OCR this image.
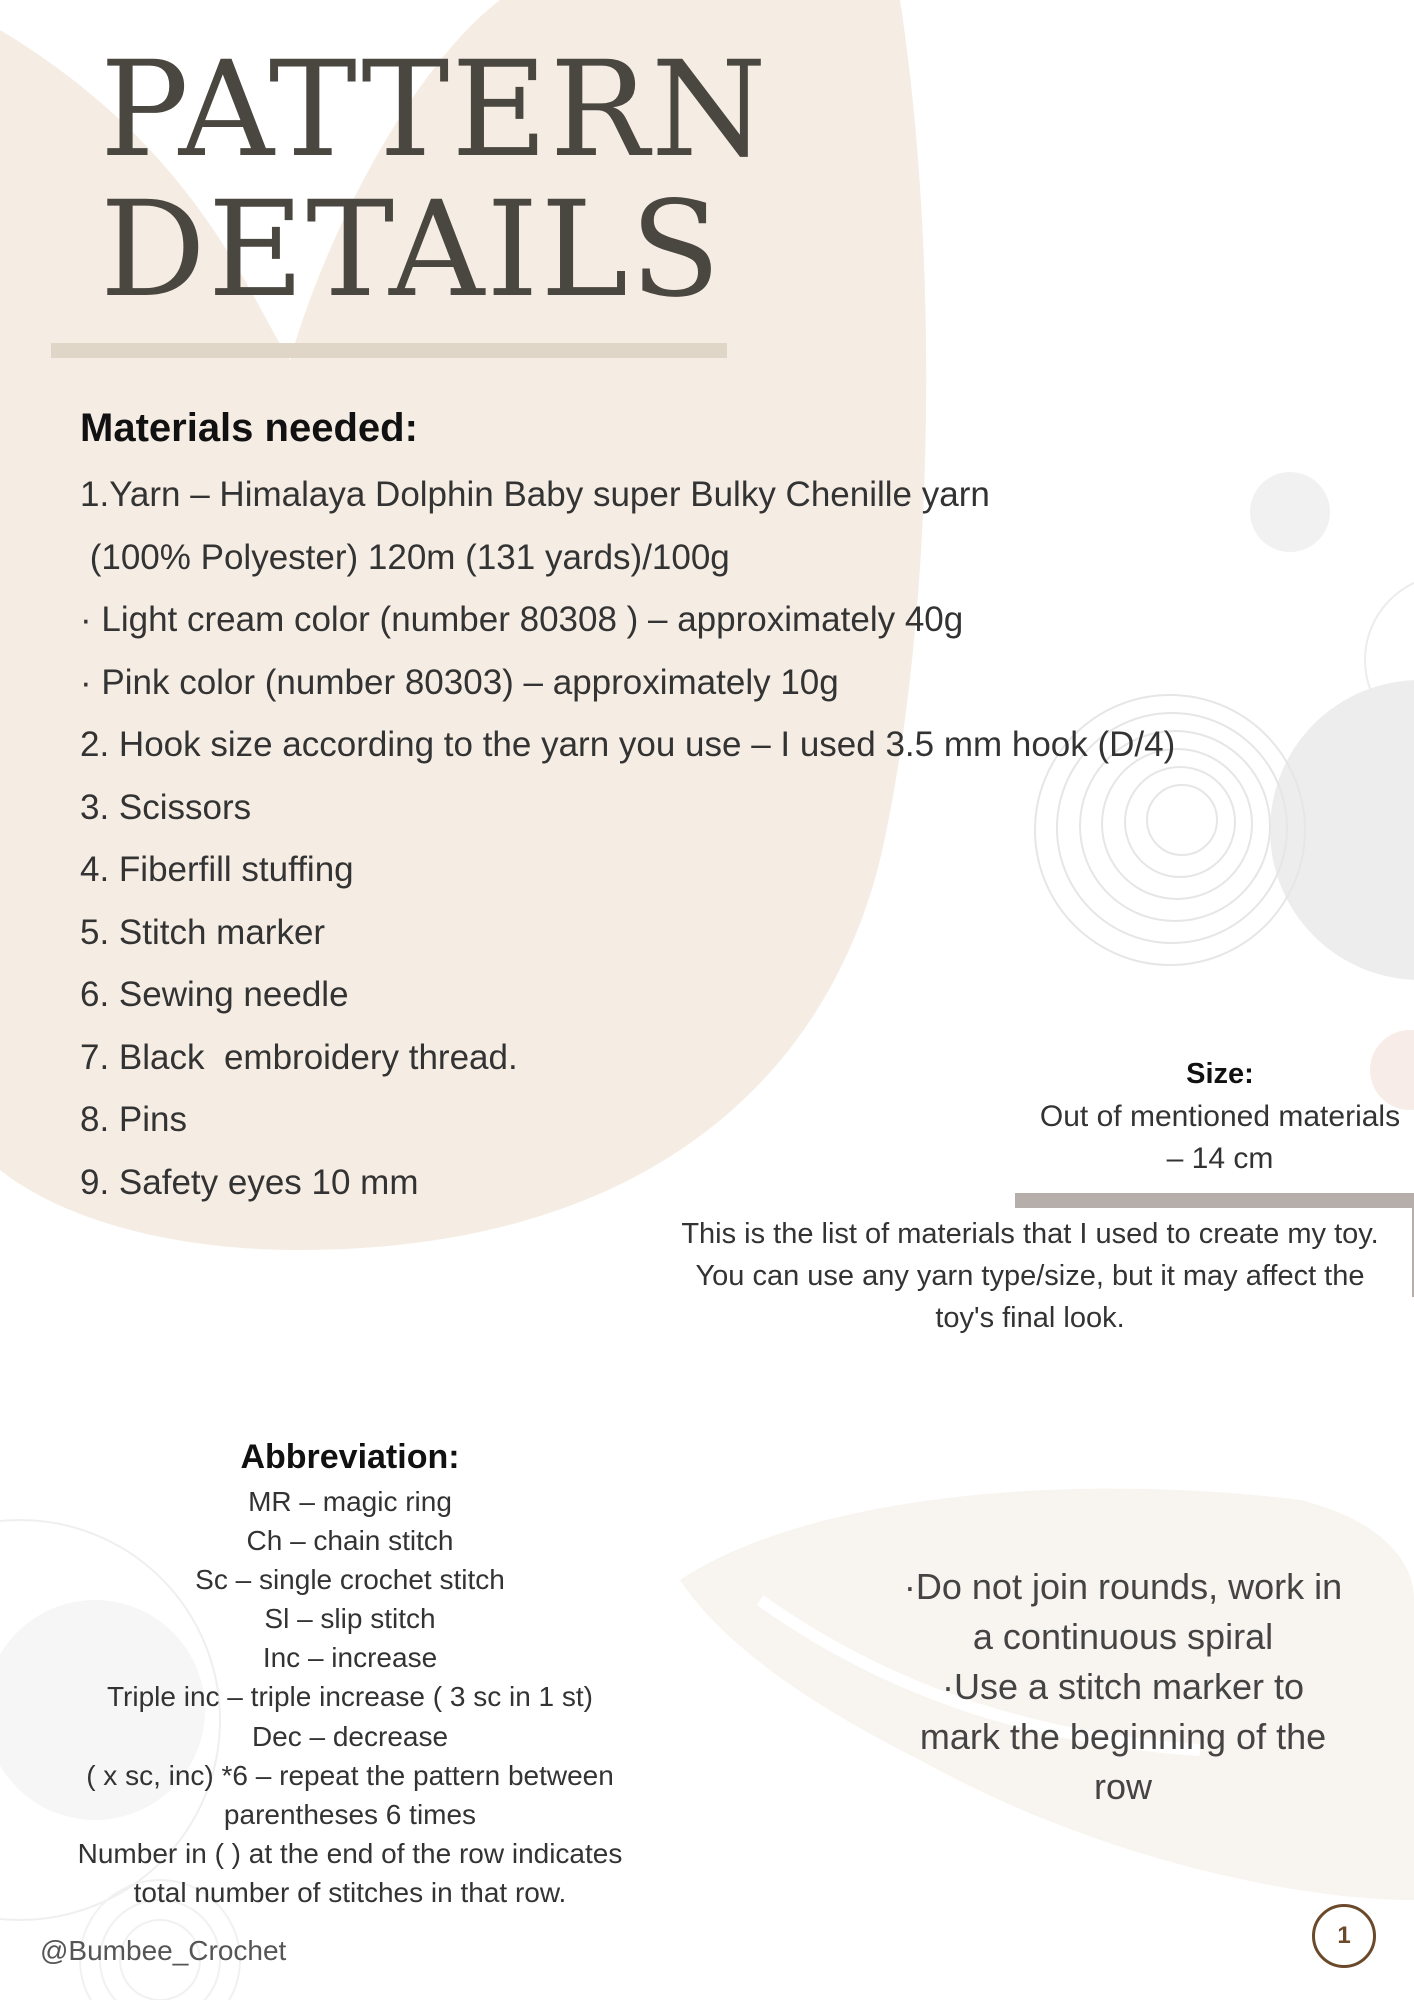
PATTERN
DETAILS
Materials needed:
1.Yarn – Himalaya Dolphin Baby super Bulky Chenille yarn
(100% Polyester) 120m (131 yards)/100g
· Light cream color (number 80308 ) – approximately 40g
· Pink color (number 80303) – approximately 10g
2. Hook size according to the yarn you use – I used 3.5 mm hook (D/4)
3. Scissors
4. Fiberfill stuffing
5. Stitch marker
6. Sewing needle
7. Black  embroidery thread.
8. Pins
9. Safety eyes 10 mm
Size:
Out of mentioned materials
– 14 cm
This is the list of materials that I used to create my toy.
You can use any yarn type/size, but it may affect the
toy's final look.
Abbreviation:
MR – magic ring
Ch – chain stitch
Sc – single crochet stitch
Sl – slip stitch
Inc – increase
Triple inc – triple increase ( 3 sc in 1 st)
Dec – decrease
( x sc, inc) *6 – repeat the pattern between
parentheses 6 times
Number in ( ) at the end of the row indicates
total number of stitches in that row.
·Do not join rounds, work in
a continuous spiral
·Use a stitch marker to
mark the beginning of the
row
@Bumbee_Crochet	1
